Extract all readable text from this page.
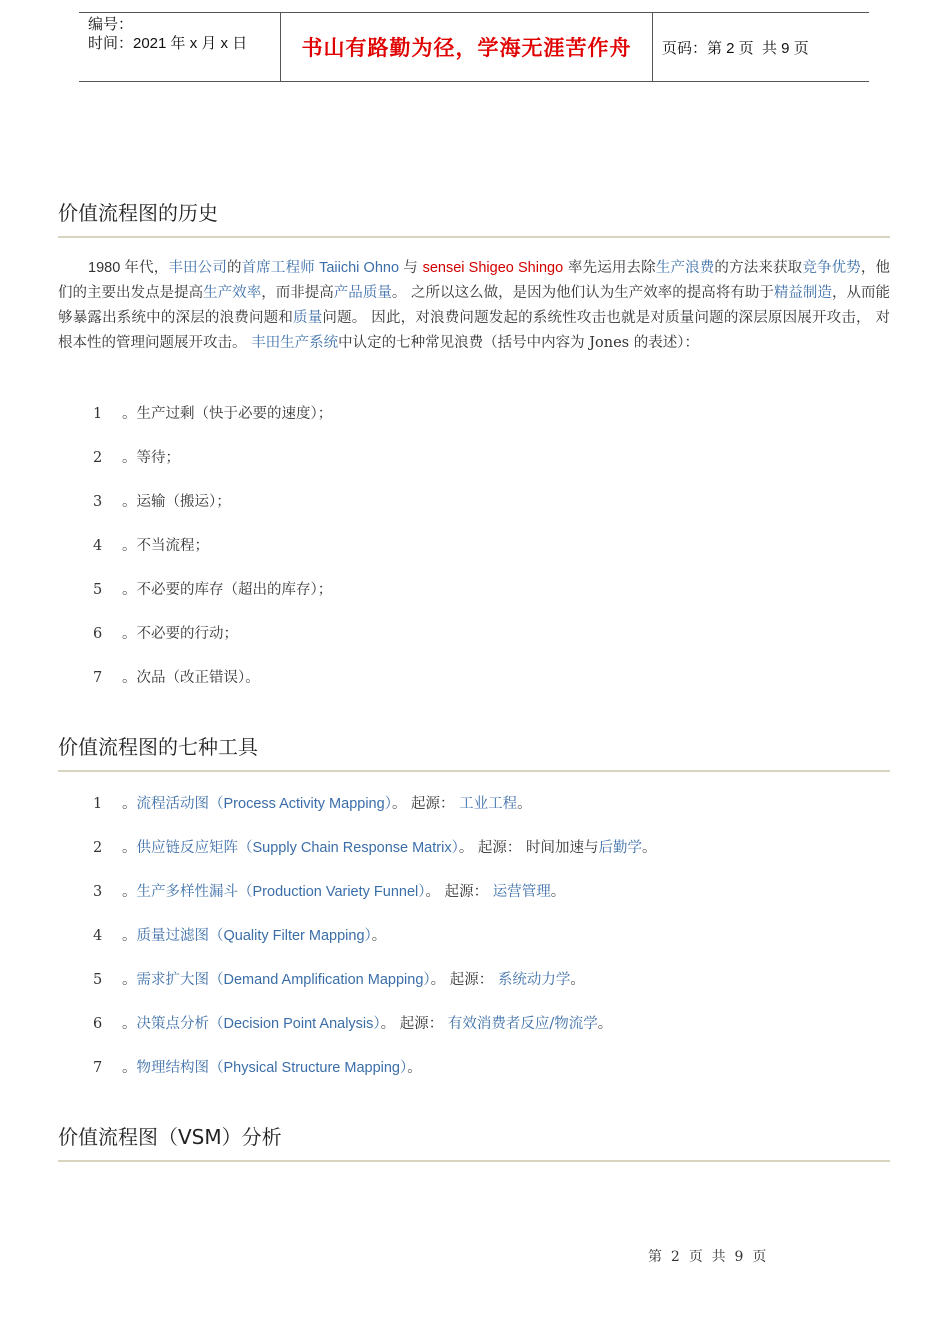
编号：
时间：2021 年 x 月 x 日	书山有路勤为径，学海无涯苦作舟 页码：第 2 页  共 9 页
价值流程图的历史
1980 年代，丰田公司的首席工程师 Taiichi Ohno 与 sensei Shigeo Shingo 率先运用去除生产浪费的方法来获取竞争优势，他们的主要出发点是提高生产效率，而非提高产品质量。 之所以这么做，是因为他们认为生产效率的提高将有助于精益制造，从而能够暴露出系统中的深层的浪费问题和质量问题。 因此，对浪费问题发起的系统性攻击也就是对质量问题的深层原因展开攻击， 对根本性的管理问题展开攻击。 丰田生产系统中认定的七种常见浪费（括号中内容为 Jones 的表述）：
1 。生产过剩（快于必要的速度）；
2 。等待；
3 。运输（搬运）；
4 。不当流程；
5 。不必要的库存（超出的库存）；
6 。不必要的行动；
7 。次品（改正错误）。
价值流程图的七种工具
1 。流程活动图（Process Activity Mapping）。 起源： 工业工程。
2 。供应链反应矩阵（Supply Chain Response Matrix）。 起源： 时间加速与后勤学。
3 。生产多样性漏斗（Production Variety Funnel）。 起源： 运营管理。
4 。质量过滤图（Quality Filter Mapping）。
5 。需求扩大图（Demand Amplification Mapping）。 起源： 系统动力学。
6 。决策点分析（Decision Point Analysis）。 起源： 有效消费者反应/物流学。
7 。物理结构图（Physical Structure Mapping）。
价值流程图（VSM）分析
第  2  页  共  9  页
